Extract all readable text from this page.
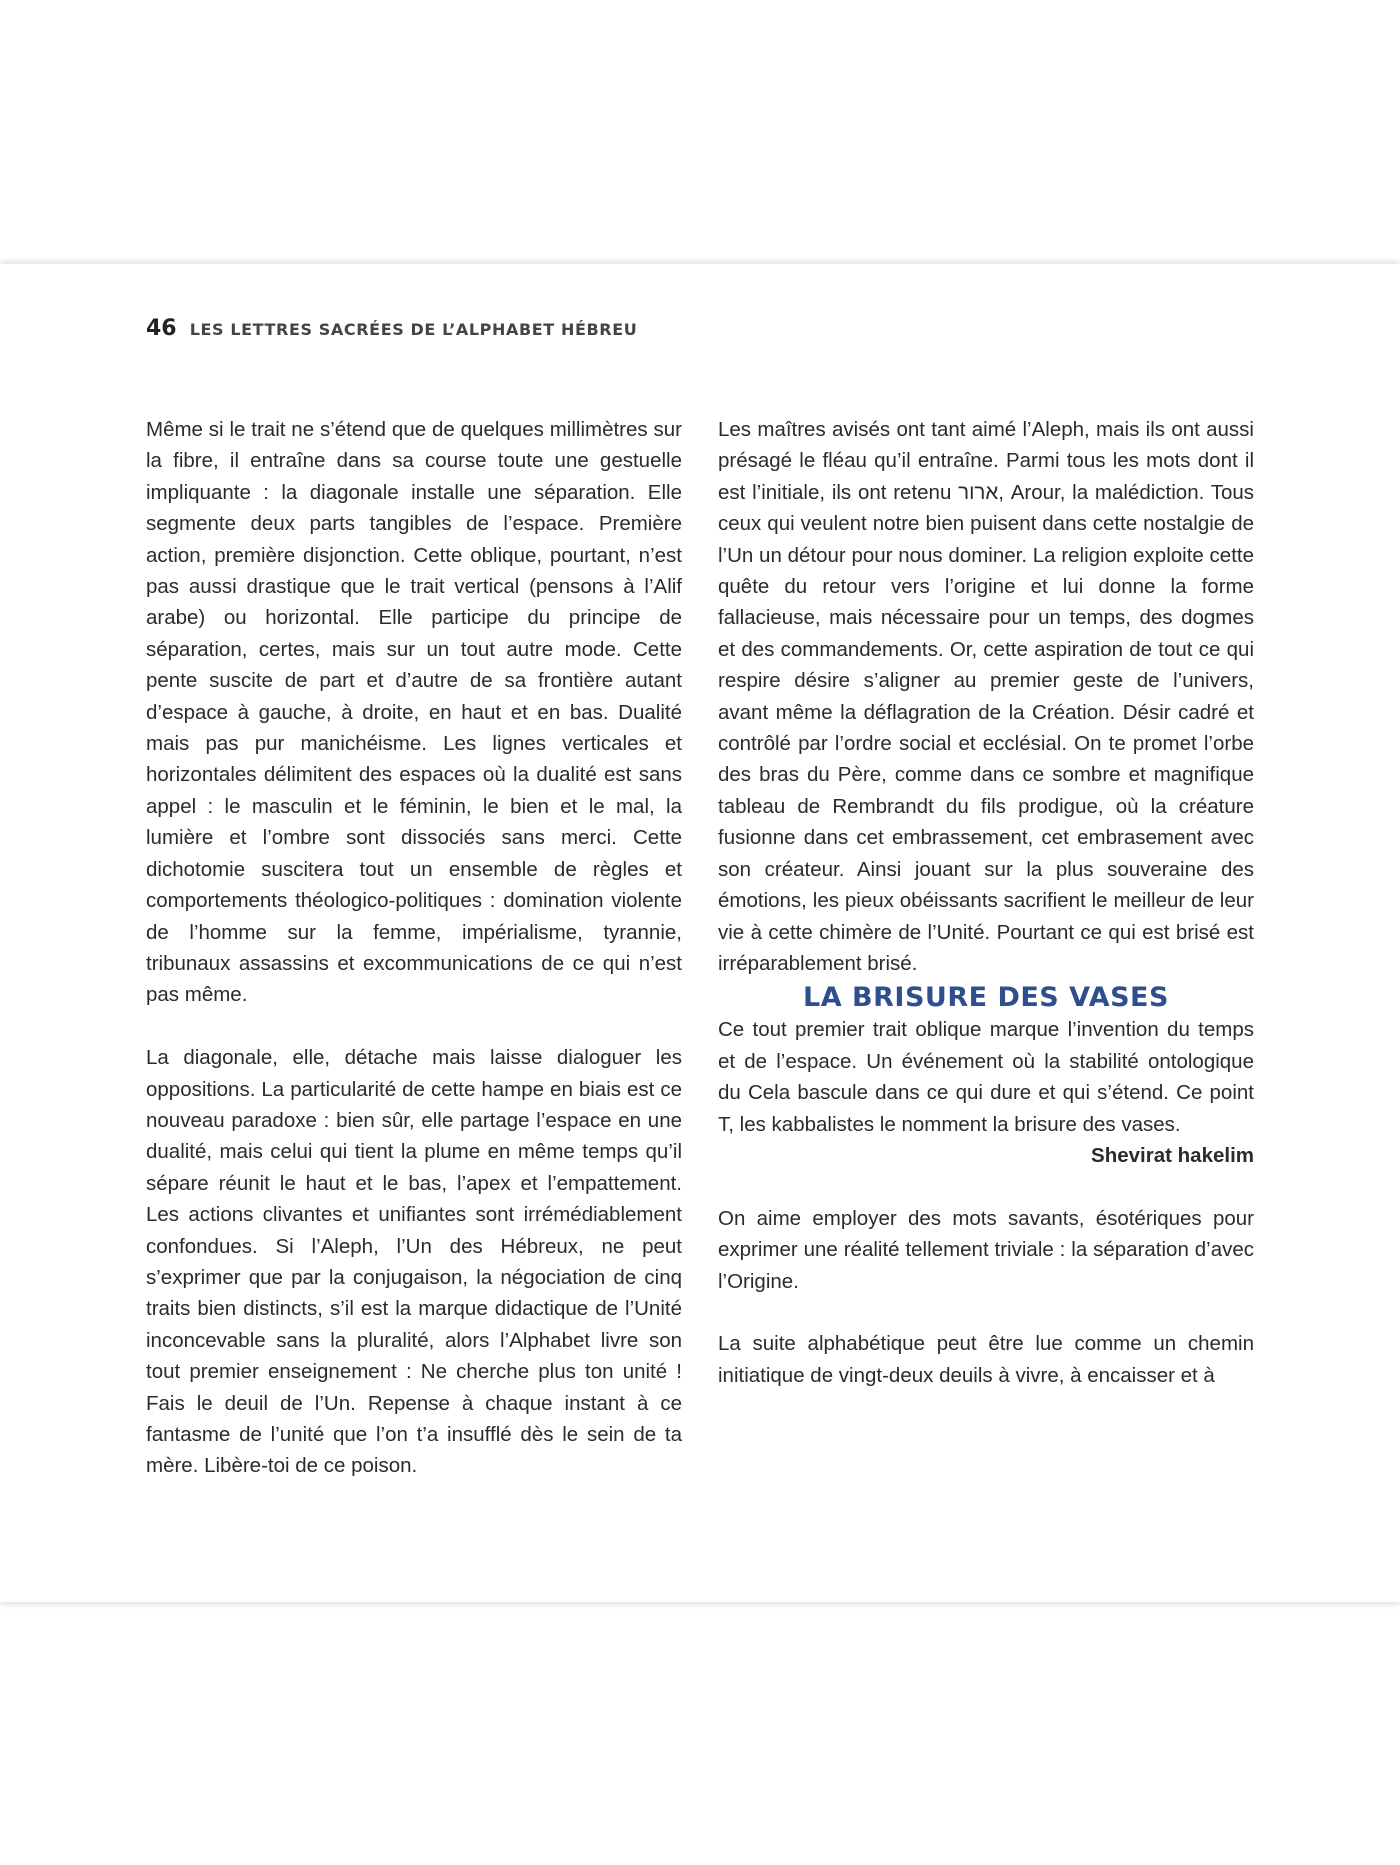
46 LES LETTRES SACRÉES DE L’ALPHABET HÉBREU

Même si le trait ne s’étend que de quelques millimètres sur la fibre, il entraîne dans sa course toute une gestuelle impliquante : la diagonale installe une séparation. Elle segmente deux parts tangibles de l’espace. Première action, première disjonction. Cette oblique, pourtant, n’est pas aussi drastique que le trait vertical (pensons à l’Alif arabe) ou horizontal. Elle participe du principe de séparation, certes, mais sur un tout autre mode. Cette pente suscite de part et d’autre de sa frontière autant d’espace à gauche, à droite, en haut et en bas. Dualité mais pas pur manichéisme. Les lignes verticales et horizontales délimitent des espaces où la dualité est sans appel : le masculin et le féminin, le bien et le mal, la lumière et l’ombre sont dissociés sans merci. Cette dichotomie suscitera tout un ensemble de règles et comportements théologico-politiques : domination violente de l’homme sur la femme, impérialisme, tyrannie, tribunaux assassins et excommunications de ce qui n’est pas même.

La diagonale, elle, détache mais laisse dialoguer les oppositions. La particularité de cette hampe en biais est ce nouveau paradoxe : bien sûr, elle partage l’espace en une dualité, mais celui qui tient la plume en même temps qu’il sépare réunit le haut et le bas, l’apex et l’empattement. Les actions clivantes et unifiantes sont irrémédiablement confondues. Si l’Aleph, l’Un des Hébreux, ne peut s’exprimer que par la conjugaison, la négociation de cinq traits bien distincts, s’il est la marque didactique de l’Unité inconcevable sans la pluralité, alors l’Alphabet livre son tout premier enseignement : Ne cherche plus ton unité ! Fais le deuil de l’Un. Repense à chaque instant à ce fantasme de l’unité que l’on t’a insufflé dès le sein de ta mère. Libère-toi de ce poison.

Les maîtres avisés ont tant aimé l’Aleph, mais ils ont aussi présagé le fléau qu’il entraîne. Parmi tous les mots dont il est l’initiale, ils ont retenu ארור, Arour, la malédiction. Tous ceux qui veulent notre bien puisent dans cette nostalgie de l’Un un détour pour nous dominer. La religion exploite cette quête du retour vers l’origine et lui donne la forme fallacieuse, mais nécessaire pour un temps, des dogmes et des commandements. Or, cette aspiration de tout ce qui respire désire s’aligner au premier geste de l’univers, avant même la déflagration de la Création. Désir cadré et contrôlé par l’ordre social et ecclésial. On te promet l’orbe des bras du Père, comme dans ce sombre et magnifique tableau de Rembrandt du fils prodigue, où la créature fusionne dans cet embrassement, cet embrasement avec son créateur. Ainsi jouant sur la plus souveraine des émotions, les pieux obéissants sacrifient le meilleur de leur vie à cette chimère de l’Unité. Pourtant ce qui est brisé est irréparablement brisé.

LA BRISURE DES VASES

Ce tout premier trait oblique marque l’invention du temps et de l’espace. Un événement où la stabilité ontologique du Cela bascule dans ce qui dure et qui s’étend. Ce point T, les kabbalistes le nomment la brisure des vases.

Shevirat hakelim

On aime employer des mots savants, ésotériques pour exprimer une réalité tellement triviale : la séparation d’avec l’Origine.

La suite alphabétique peut être lue comme un chemin initiatique de vingt-deux deuils à vivre, à encaisser et à
